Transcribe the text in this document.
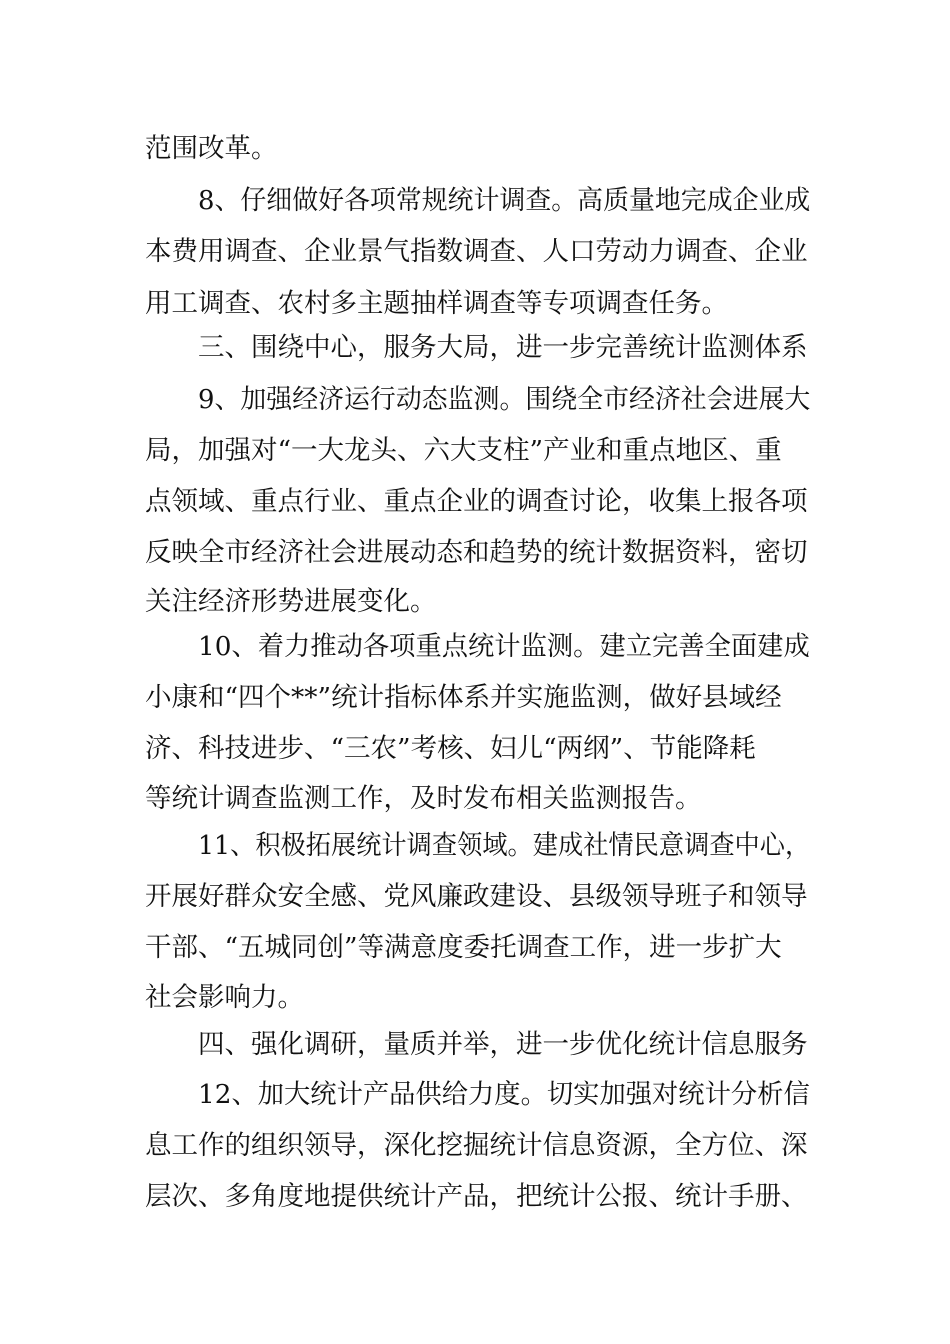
范围改革。
8、仔细做好各项常规统计调查。高质量地完成企业成
本费用调查、企业景气指数调查、人口劳动力调查、企业
用工调查、农村多主题抽样调查等专项调查任务。
三、围绕中心，服务大局，进一步完善统计监测体系
9、加强经济运行动态监测。围绕全市经济社会进展大
局，加强对“一大龙头、六大支柱”产业和重点地区、重
点领域、重点行业、重点企业的调查讨论，收集上报各项
反映全市经济社会进展动态和趋势的统计数据资料，密切
关注经济形势进展变化。
10、着力推动各项重点统计监测。建立完善全面建成
小康和“四个**”统计指标体系并实施监测，做好县域经
济、科技进步、“三农”考核、妇儿“两纲”、节能降耗
等统计调查监测工作，及时发布相关监测报告。
11、积极拓展统计调查领域。建成社情民意调查中心，
开展好群众安全感、党风廉政建设、县级领导班子和领导
干部、“五城同创”等满意度委托调查工作，进一步扩大
社会影响力。
四、强化调研，量质并举，进一步优化统计信息服务
12、加大统计产品供给力度。切实加强对统计分析信
息工作的组织领导，深化挖掘统计信息资源，全方位、深
层次、多角度地提供统计产品，把统计公报、统计手册、
